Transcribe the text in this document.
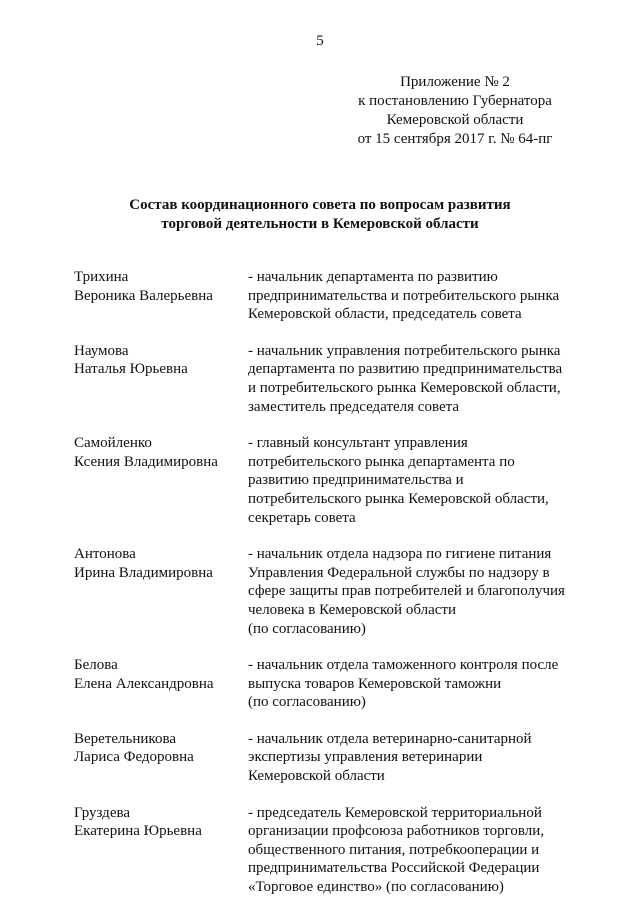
5
Приложение № 2
к постановлению Губернатора
Кемеровской области
от 15 сентября 2017 г. № 64-пг
Состав координационного совета по вопросам развития
торговой деятельности в Кемеровской области
Трихина
Вероника Валерьевна
- начальник департамента по развитию
предпринимательства и потребительского рынка
Кемеровской области, председатель совета
Наумова
Наталья Юрьевна
- начальник управления потребительского рынка
департамента по развитию предпринимательства
и потребительского рынка Кемеровской области,
заместитель председателя совета
Самойленко
Ксения Владимировна
- главный консультант управления
потребительского рынка департамента по
развитию предпринимательства и
потребительского рынка Кемеровской области,
секретарь совета
Антонова
Ирина Владимировна
- начальник отдела надзора по гигиене питания
Управления Федеральной службы по надзору в
сфере защиты прав потребителей и благополучия
человека в Кемеровской области
(по согласованию)
Белова
Елена Александровна
- начальник отдела таможенного контроля после
выпуска товаров Кемеровской таможни
(по согласованию)
Веретельникова
Лариса Федоровна
- начальник отдела ветеринарно-санитарной
экспертизы управления ветеринарии
Кемеровской области
Груздева
Екатерина Юрьевна
- председатель Кемеровской территориальной
организации профсоюза работников торговли,
общественного питания, потребкооперации и
предпринимательства Российской Федерации
«Торговое единство» (по согласованию)
